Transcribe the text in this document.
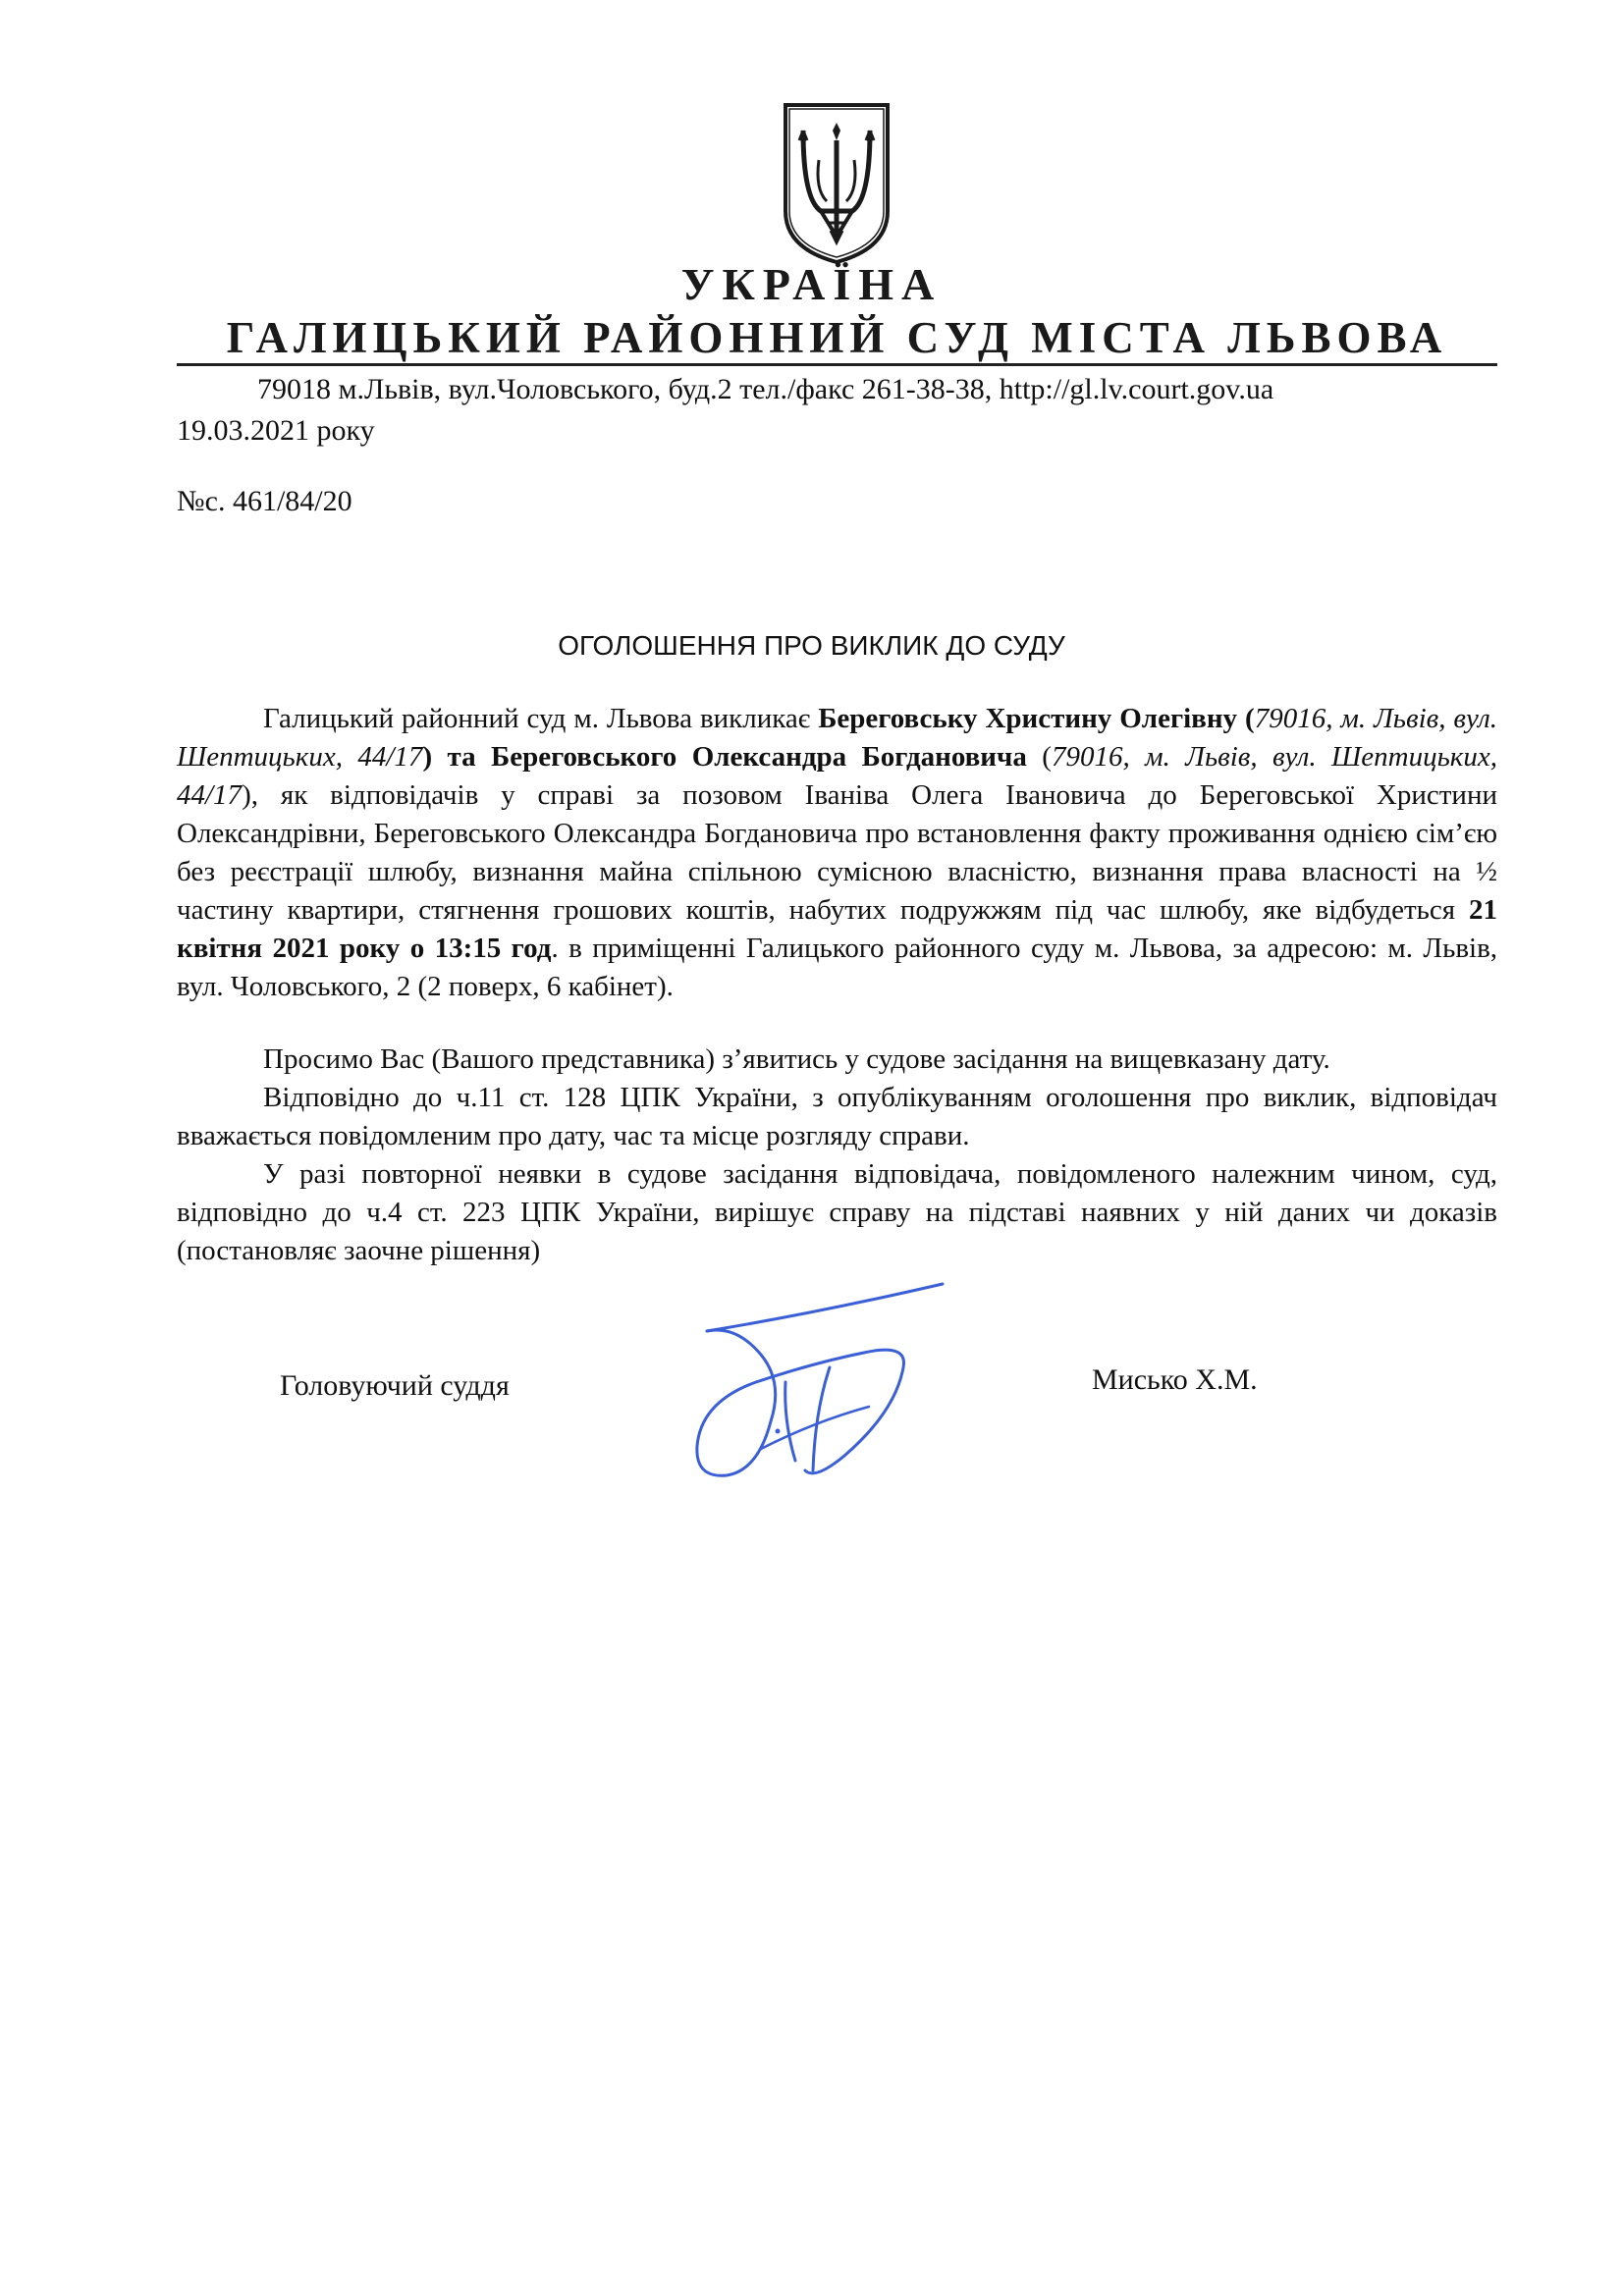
УКРАЇНА
ГАЛИЦЬКИЙ РАЙОННИЙ СУД МІСТА ЛЬВОВА
79018 м.Львів, вул.Чоловського, буд.2 тел./факс 261-38-38, http://gl.lv.court.gov.ua
19.03.2021 року
№с. 461/84/20
ОГОЛОШЕННЯ ПРО ВИКЛИК ДО СУДУ

Галицький районний суд м. Львова викликає Береговську Христину Олегівну (79016, м. Львів, вул. Шептицьких, 44/17) та Береговського Олександра Богдановича (79016, м. Львів, вул. Шептицьких, 44/17), як відповідачів у справі за позовом Іваніва Олега Івановича до Береговської Христини Олександрівни, Береговського Олександра Богдановича про встановлення факту проживання однією сім’єю без реєстрації шлюбу, визнання майна спільною сумісною власністю, визнання права власності на ½ частину квартири, стягнення грошових коштів, набутих подружжям під час шлюбу, яке відбудеться 21 квітня 2021 року о 13:15 год. в приміщенні Галицького районного суду м. Львова, за адресою: м. Львів, вул. Чоловського, 2 (2 поверх, 6 кабінет).

Просимо Вас (Вашого представника) з’явитись у судове засідання на вищевказану дату.

Відповідно до ч.11 ст. 128 ЦПК України, з опублікуванням оголошення про виклик, відповідач вважається повідомленим про дату, час та місце розгляду справи.

У разі повторної неявки в судове засідання відповідача, повідомленого належним чином, суд, відповідно до ч.4 ст. 223 ЦПК України, вирішує справу на підставі наявних у ній даних чи доказів (постановляє заочне рішення)

Головуючий суддя	Мисько Х.М.
